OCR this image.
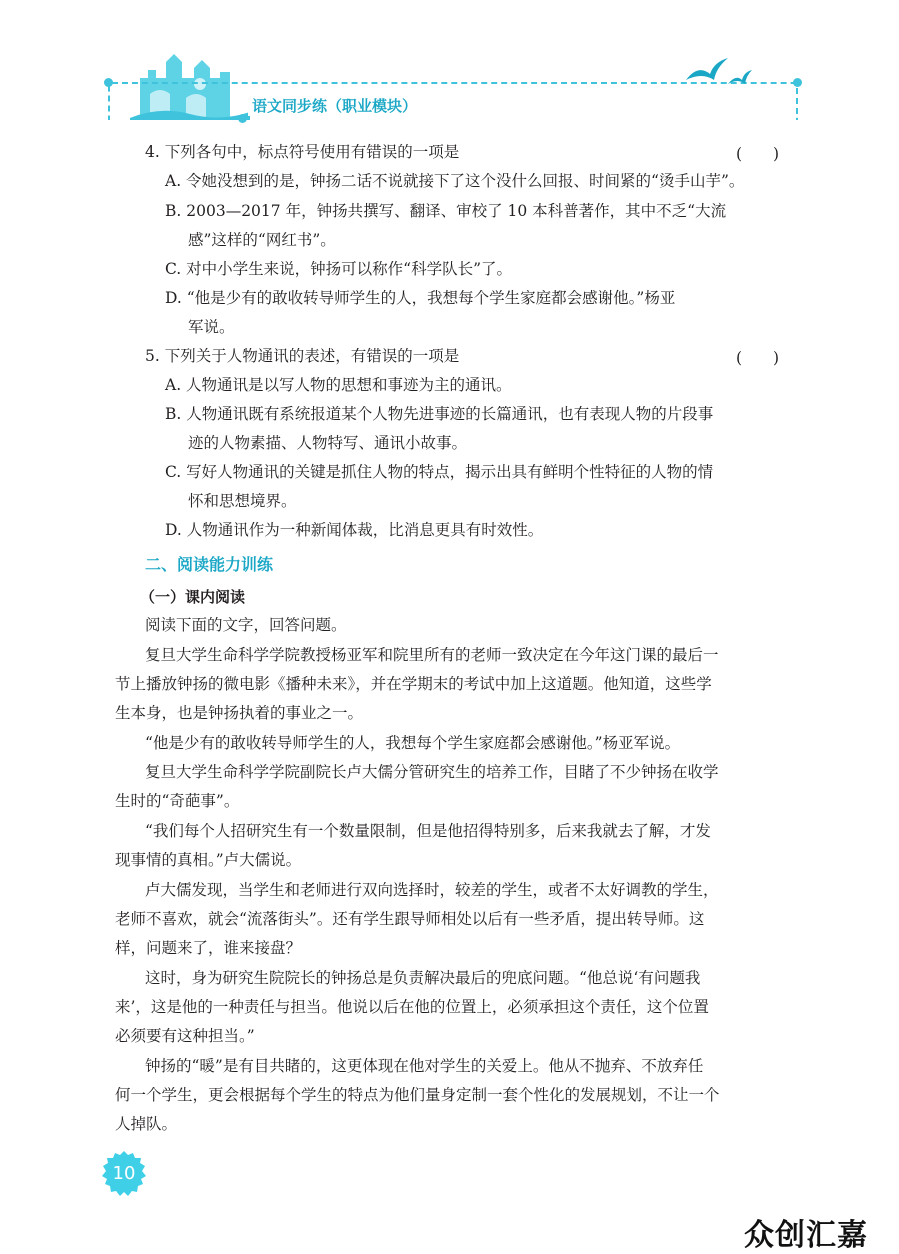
语文同步练（职业模块）
4. 下列各句中，标点符号使用有错误的一项是	(　　)
A. 令她没想到的是，钟扬二话不说就接下了这个没什么回报、时间紧的“烫手山芋”。
B. 2003—2017 年，钟扬共撰写、翻译、审校了 10 本科普著作，其中不乏“大流
感”这样的“网红书”。
C. 对中小学生来说，钟扬可以称作“科学队长”了。
D. “他是少有的敢收转导师学生的人，我想每个学生家庭都会感谢他。”杨亚
军说。
5. 下列关于人物通讯的表述，有错误的一项是	(　　)
A. 人物通讯是以写人物的思想和事迹为主的通讯。
B. 人物通讯既有系统报道某个人物先进事迹的长篇通讯，也有表现人物的片段事
迹的人物素描、人物特写、通讯小故事。
C. 写好人物通讯的关键是抓住人物的特点，揭示出具有鲜明个性特征的人物的情
怀和思想境界。
D. 人物通讯作为一种新闻体裁，比消息更具有时效性。
二、阅读能力训练
（一）课内阅读
阅读下面的文字，回答问题。
复旦大学生命科学学院教授杨亚军和院里所有的老师一致决定在今年这门课的最后一
节上播放钟扬的微电影《播种未来》，并在学期末的考试中加上这道题。他知道，这些学
生本身，也是钟扬执着的事业之一。
“他是少有的敢收转导师学生的人，我想每个学生家庭都会感谢他。”杨亚军说。
复旦大学生命科学学院副院长卢大儒分管研究生的培养工作，目睹了不少钟扬在收学
生时的“奇葩事”。
“我们每个人招研究生有一个数量限制，但是他招得特别多，后来我就去了解，才发
现事情的真相。”卢大儒说。
卢大儒发现，当学生和老师进行双向选择时，较差的学生，或者不太好调教的学生，
老师不喜欢，就会“流落街头”。还有学生跟导师相处以后有一些矛盾，提出转导师。这
样，问题来了，谁来接盘？
这时，身为研究生院院长的钟扬总是负责解决最后的兜底问题。“他总说‘有问题我
来’，这是他的一种责任与担当。他说以后在他的位置上，必须承担这个责任，这个位置
必须要有这种担当。”
钟扬的“暖”是有目共睹的，这更体现在他对学生的关爱上。他从不抛弃、不放弃任
何一个学生，更会根据每个学生的特点为他们量身定制一套个性化的发展规划，不让一个
人掉队。
10
众创汇嘉
